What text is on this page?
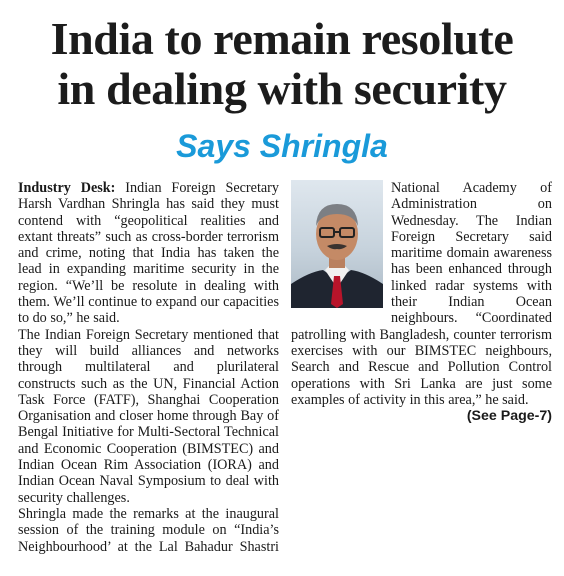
India to remain resolute
in dealing with security
Says Shringla

Industry Desk: Indian Foreign Secretary Harsh Vardhan Shringla has said they must contend with “geopolitical realities and extant threats” such as cross-border terrorism and crime, noting that India has taken the lead in expanding maritime security in the region. “We’ll be resolute in dealing with them. We’ll continue to expand our capacities to do so,” he said.

The Indian Foreign Secretary mentioned that they will build alliances and networks through multilateral and plurilateral constructs such as the UN, Financial Action Task Force (FATF), Shanghai Cooperation Organisation and closer home through Bay of Bengal Initiative for Multi-Sectoral Technical and Economic Cooperation (BIMSTEC) and Indian Ocean Rim Association (IORA) and Indian Ocean Naval Symposium to deal with security challenges.

Shringla made the remarks at the inaugural session of the training module on “India’s Neighbourhood’ at the Lal Bahadur Shastri National Academy of Administration on Wednesday. The Indian Foreign Secretary said maritime domain awareness has been enhanced through linked radar systems with their Indian Ocean neighbours. “Coordinated patrolling with Bangladesh, counter terrorism exercises with our BIMSTEC neighbours, Search and Rescue and Pollution Control operations with Sri Lanka are just some examples of activity in this area,” he said.
(See Page-7)
